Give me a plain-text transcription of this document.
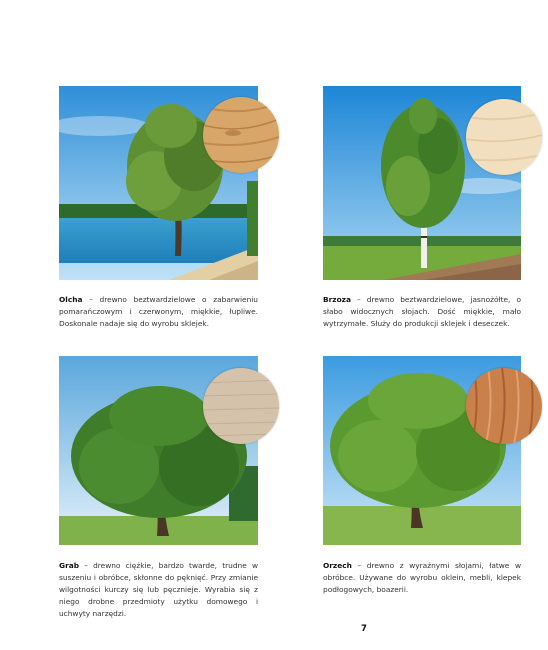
Olcha – drewno beztwardzielowe o zabarwieniu pomarańczowym i czerwonym, miękkie, łupliwe. Doskonale nadaje się do wyrobu sklejek.
Brzoza – drewno beztwardzielowe, jasnożółte, o słabo widocznych słojach. Dość miękkie, mało wytrzymałe. Służy do produkcji sklejek i deseczek.
Grab – drewno ciężkie, bardzo twarde, trudne w suszeniu i obróbce, skłonne do pęknięć. Przy zmianie wilgotności kurczy się lub pęcznieje. Wyrabia się z niego drobne przedmioty użytku domowego i uchwyty narzędzi.
Orzech – drewno z wyraźnymi słojami, łatwe w obróbce. Używane do wyrobu oklein, mebli, klepek podłogowych, boazerii.
7
